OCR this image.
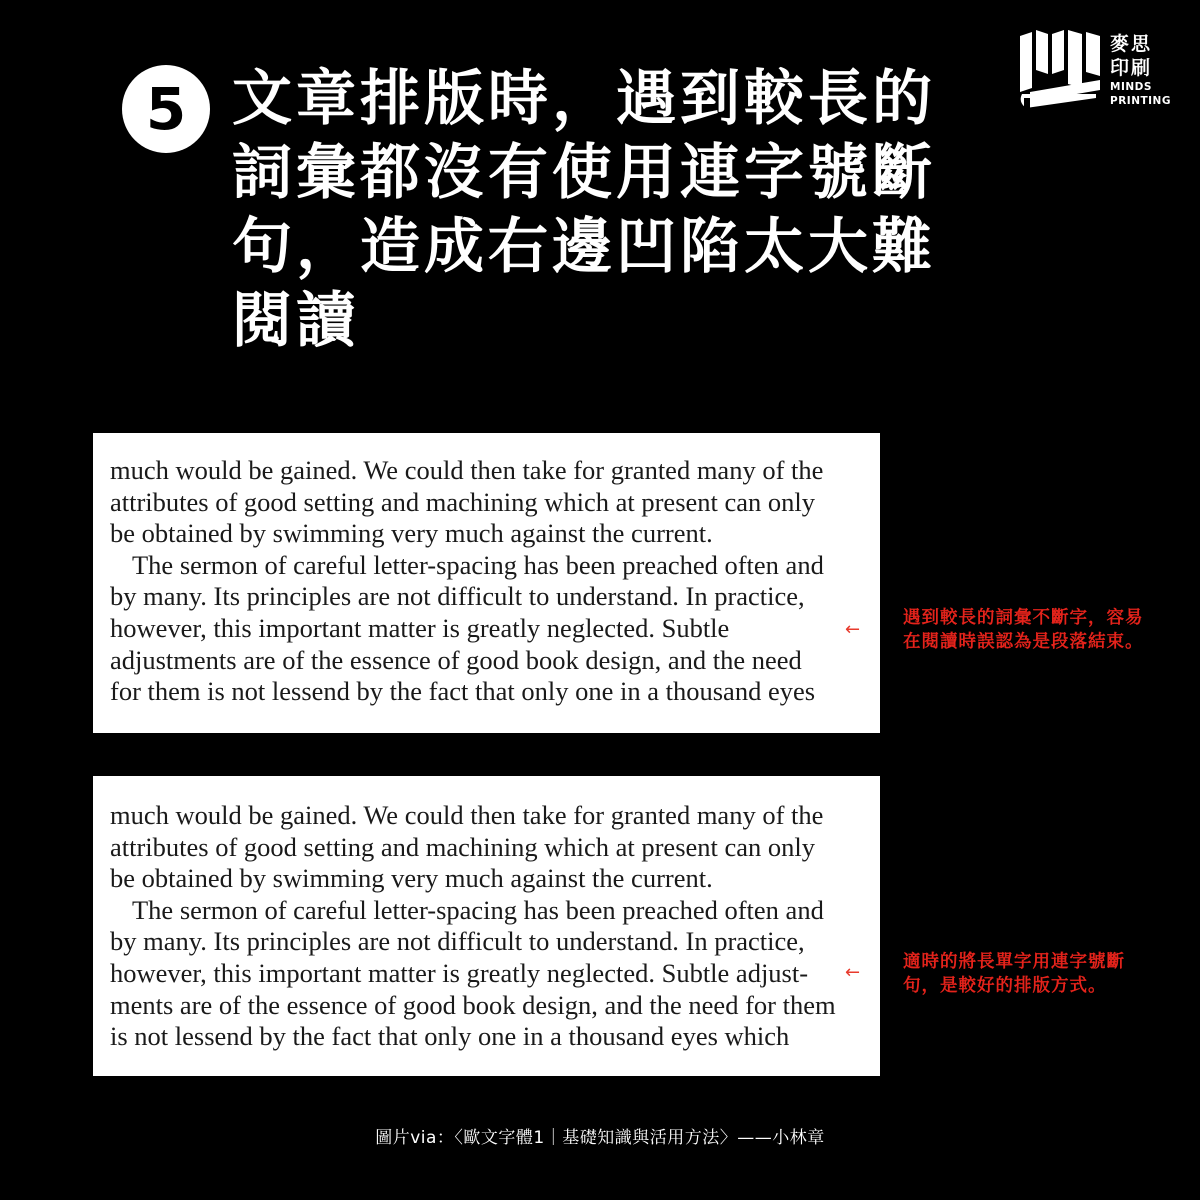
5 文章排版時，遇到較長的
詞彙都沒有使用連字號斷
句，造成右邊凹陷太大難
閱讀
麥思
印刷
MINDS
PRINTING
much would be gained. We could then take for granted many of the
attributes of good setting and machining which at present can only
be obtained by swimming very much against the current.
The sermon of careful letter-spacing has been preached often and
by many. Its principles are not difficult to understand. In practice,
however, this important matter is greatly neglected. Subtle
adjustments are of the essence of good book design, and the need
for them is not lessend by the fact that only one in a thousand eyes
←
遇到較長的詞彙不斷字，容易
在閱讀時誤認為是段落結束。
much would be gained. We could then take for granted many of the
attributes of good setting and machining which at present can only
be obtained by swimming very much against the current.
The sermon of careful letter-spacing has been preached often and
by many. Its principles are not difficult to understand. In practice,
however, this important matter is greatly neglected. Subtle adjust-
ments are of the essence of good book design, and the need for them
is not lessend by the fact that only one in a thousand eyes which
← 適時的將長單字用連字號斷
句，是較好的排版方式。
圖片via：〈歐文字體1｜基礎知識與活用方法〉——小林章
